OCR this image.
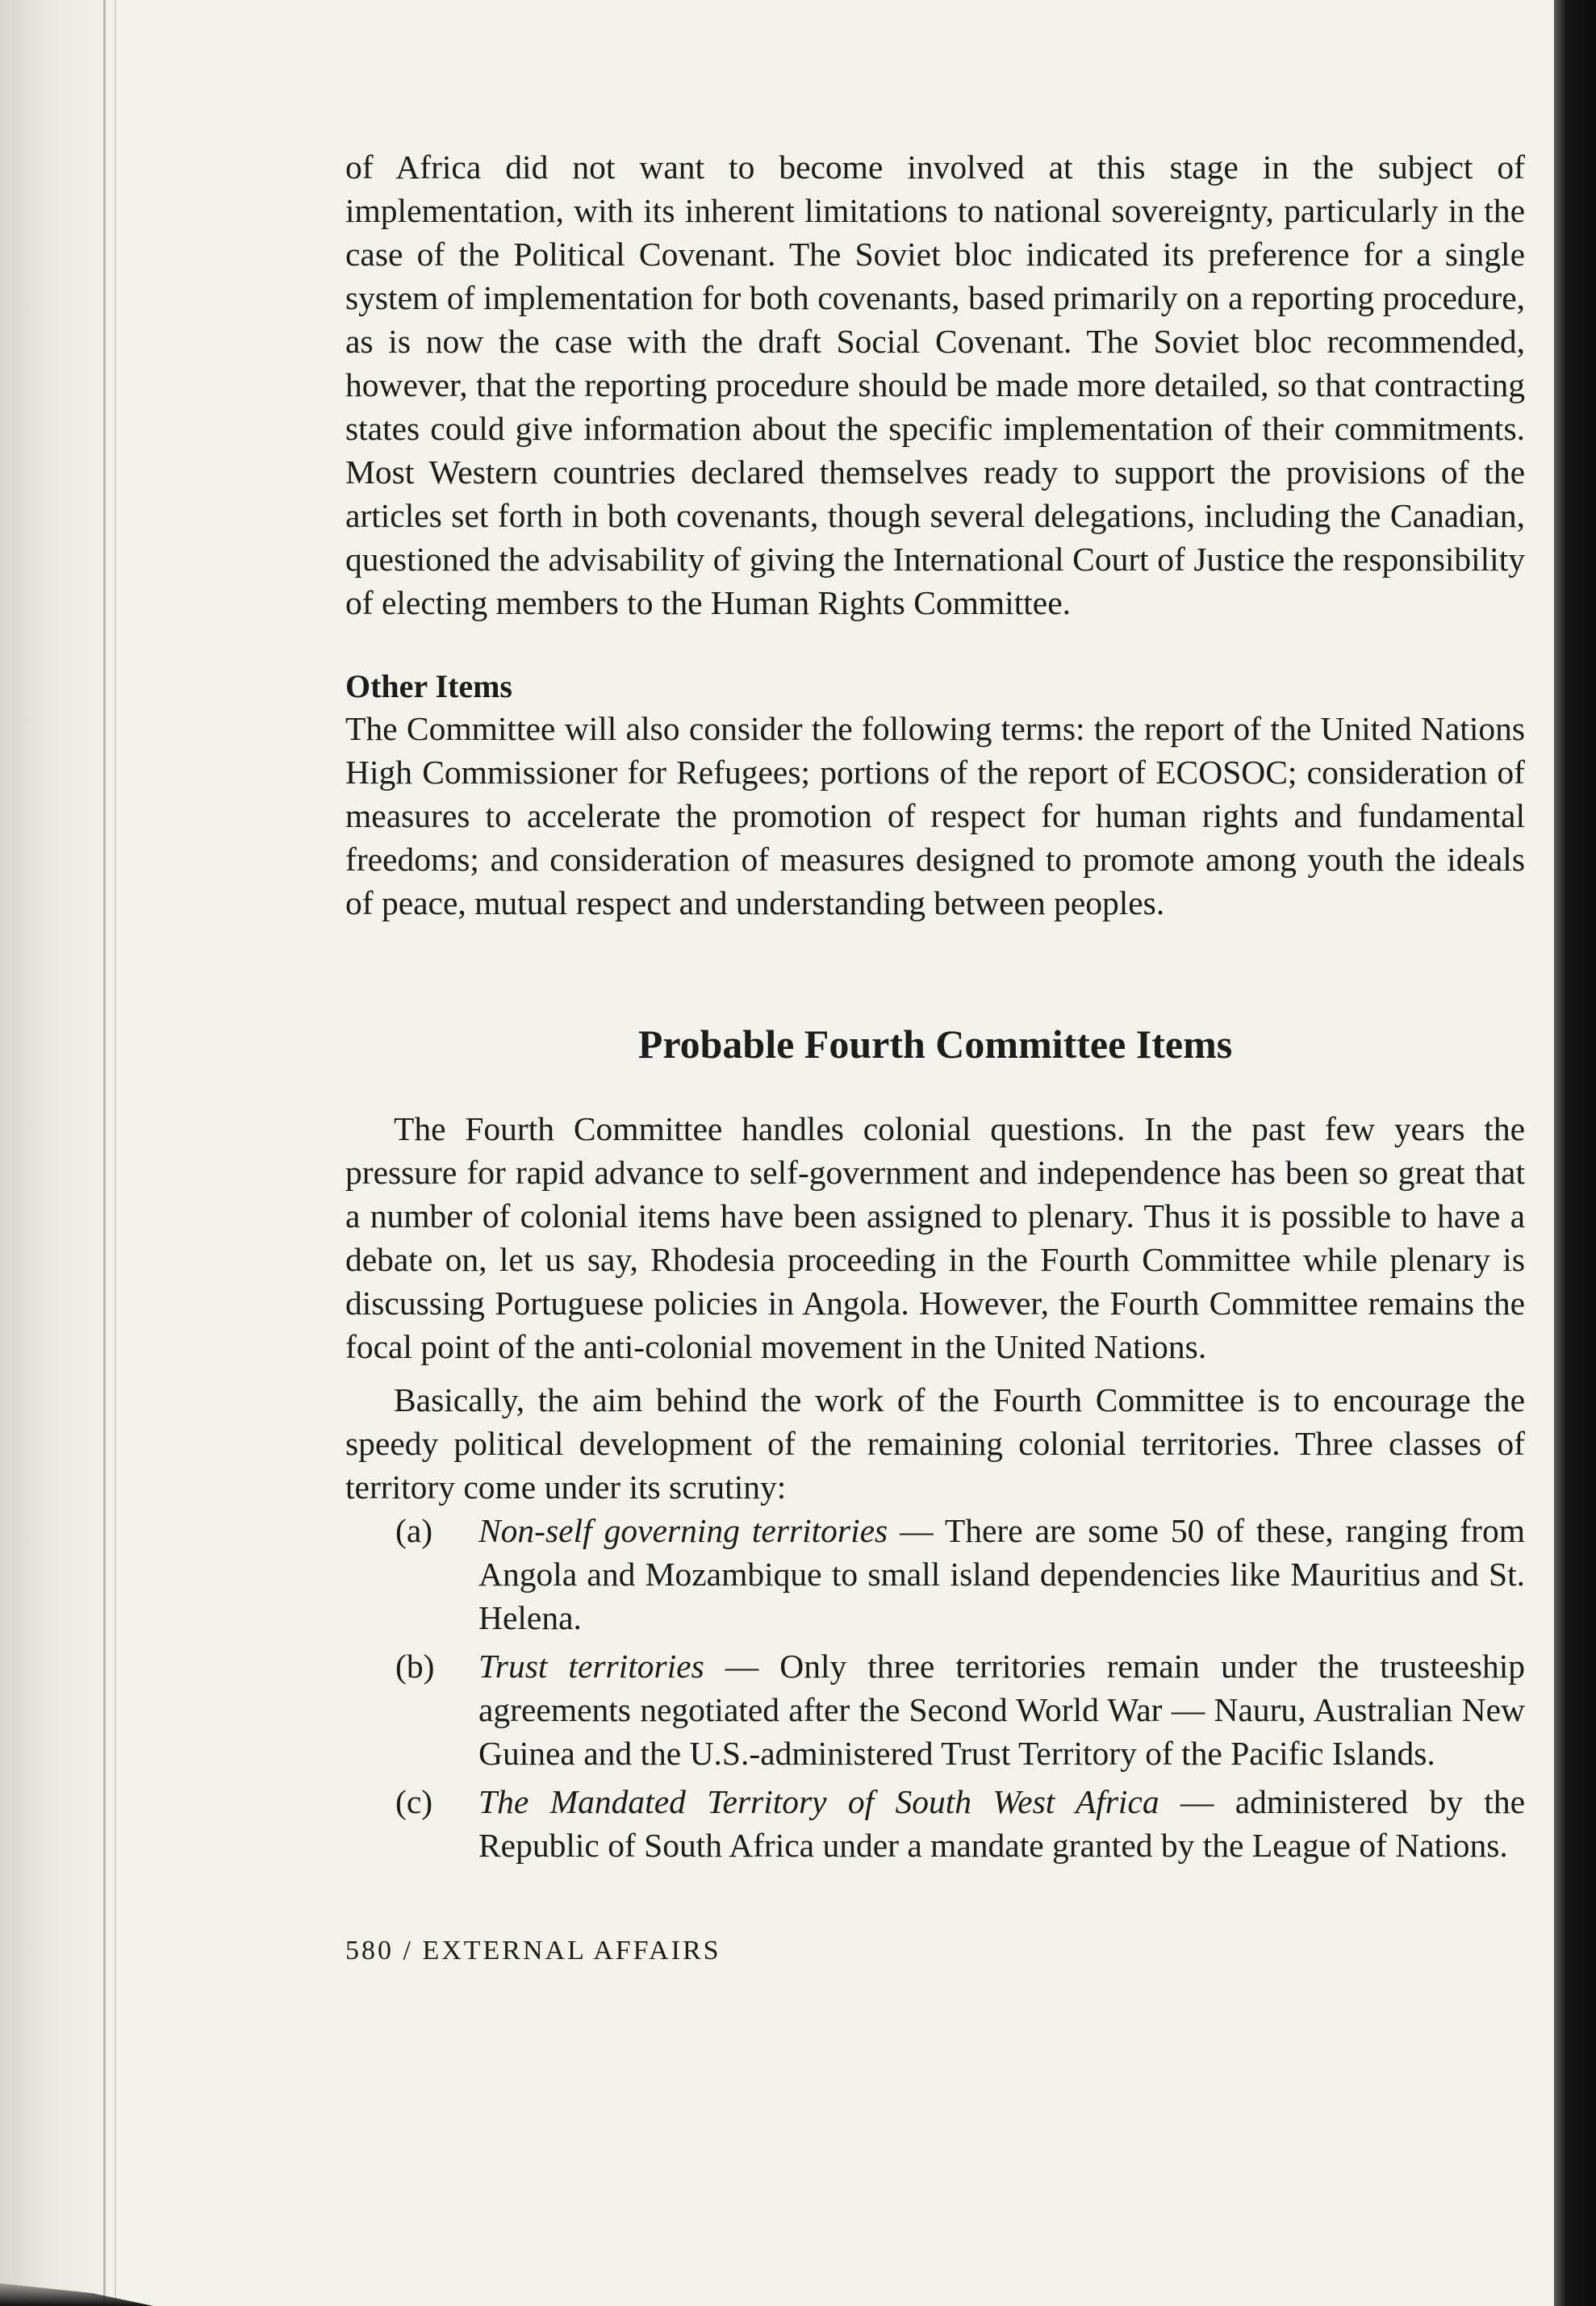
of Africa did not want to become involved at this stage in the subject of implementation, with its inherent limitations to national sovereignty, particularly in the case of the Political Covenant. The Soviet bloc indicated its preference for a single system of implementation for both covenants, based primarily on a reporting procedure, as is now the case with the draft Social Covenant. The Soviet bloc recommended, however, that the reporting procedure should be made more detailed, so that contracting states could give information about the specific implementation of their commitments. Most Western countries declared themselves ready to support the provisions of the articles set forth in both covenants, though several delegations, including the Canadian, questioned the advisability of giving the International Court of Justice the responsibility of electing members to the Human Rights Committee.

Other Items

The Committee will also consider the following terms: the report of the United Nations High Commissioner for Refugees; portions of the report of ECOSOC; consideration of measures to accelerate the promotion of respect for human rights and fundamental freedoms; and consideration of measures designed to promote among youth the ideals of peace, mutual respect and understanding between peoples.

Probable Fourth Committee Items

The Fourth Committee handles colonial questions. In the past few years the pressure for rapid advance to self-government and independence has been so great that a number of colonial items have been assigned to plenary. Thus it is possible to have a debate on, let us say, Rhodesia proceeding in the Fourth Committee while plenary is discussing Portuguese policies in Angola. However, the Fourth Committee remains the focal point of the anti-colonial movement in the United Nations.

Basically, the aim behind the work of the Fourth Committee is to encourage the speedy political development of the remaining colonial territories. Three classes of territory come under its scrutiny:

(a) Non-self governing territories — There are some 50 of these, ranging from Angola and Mozambique to small island dependencies like Mauritius and St. Helena.
(b) Trust territories — Only three territories remain under the trusteeship agreements negotiated after the Second World War — Nauru, Australian New Guinea and the U.S.-administered Trust Territory of the Pacific Islands.
(c) The Mandated Territory of South West Africa — administered by the Republic of South Africa under a mandate granted by the League of Nations.

580 / EXTERNAL AFFAIRS
